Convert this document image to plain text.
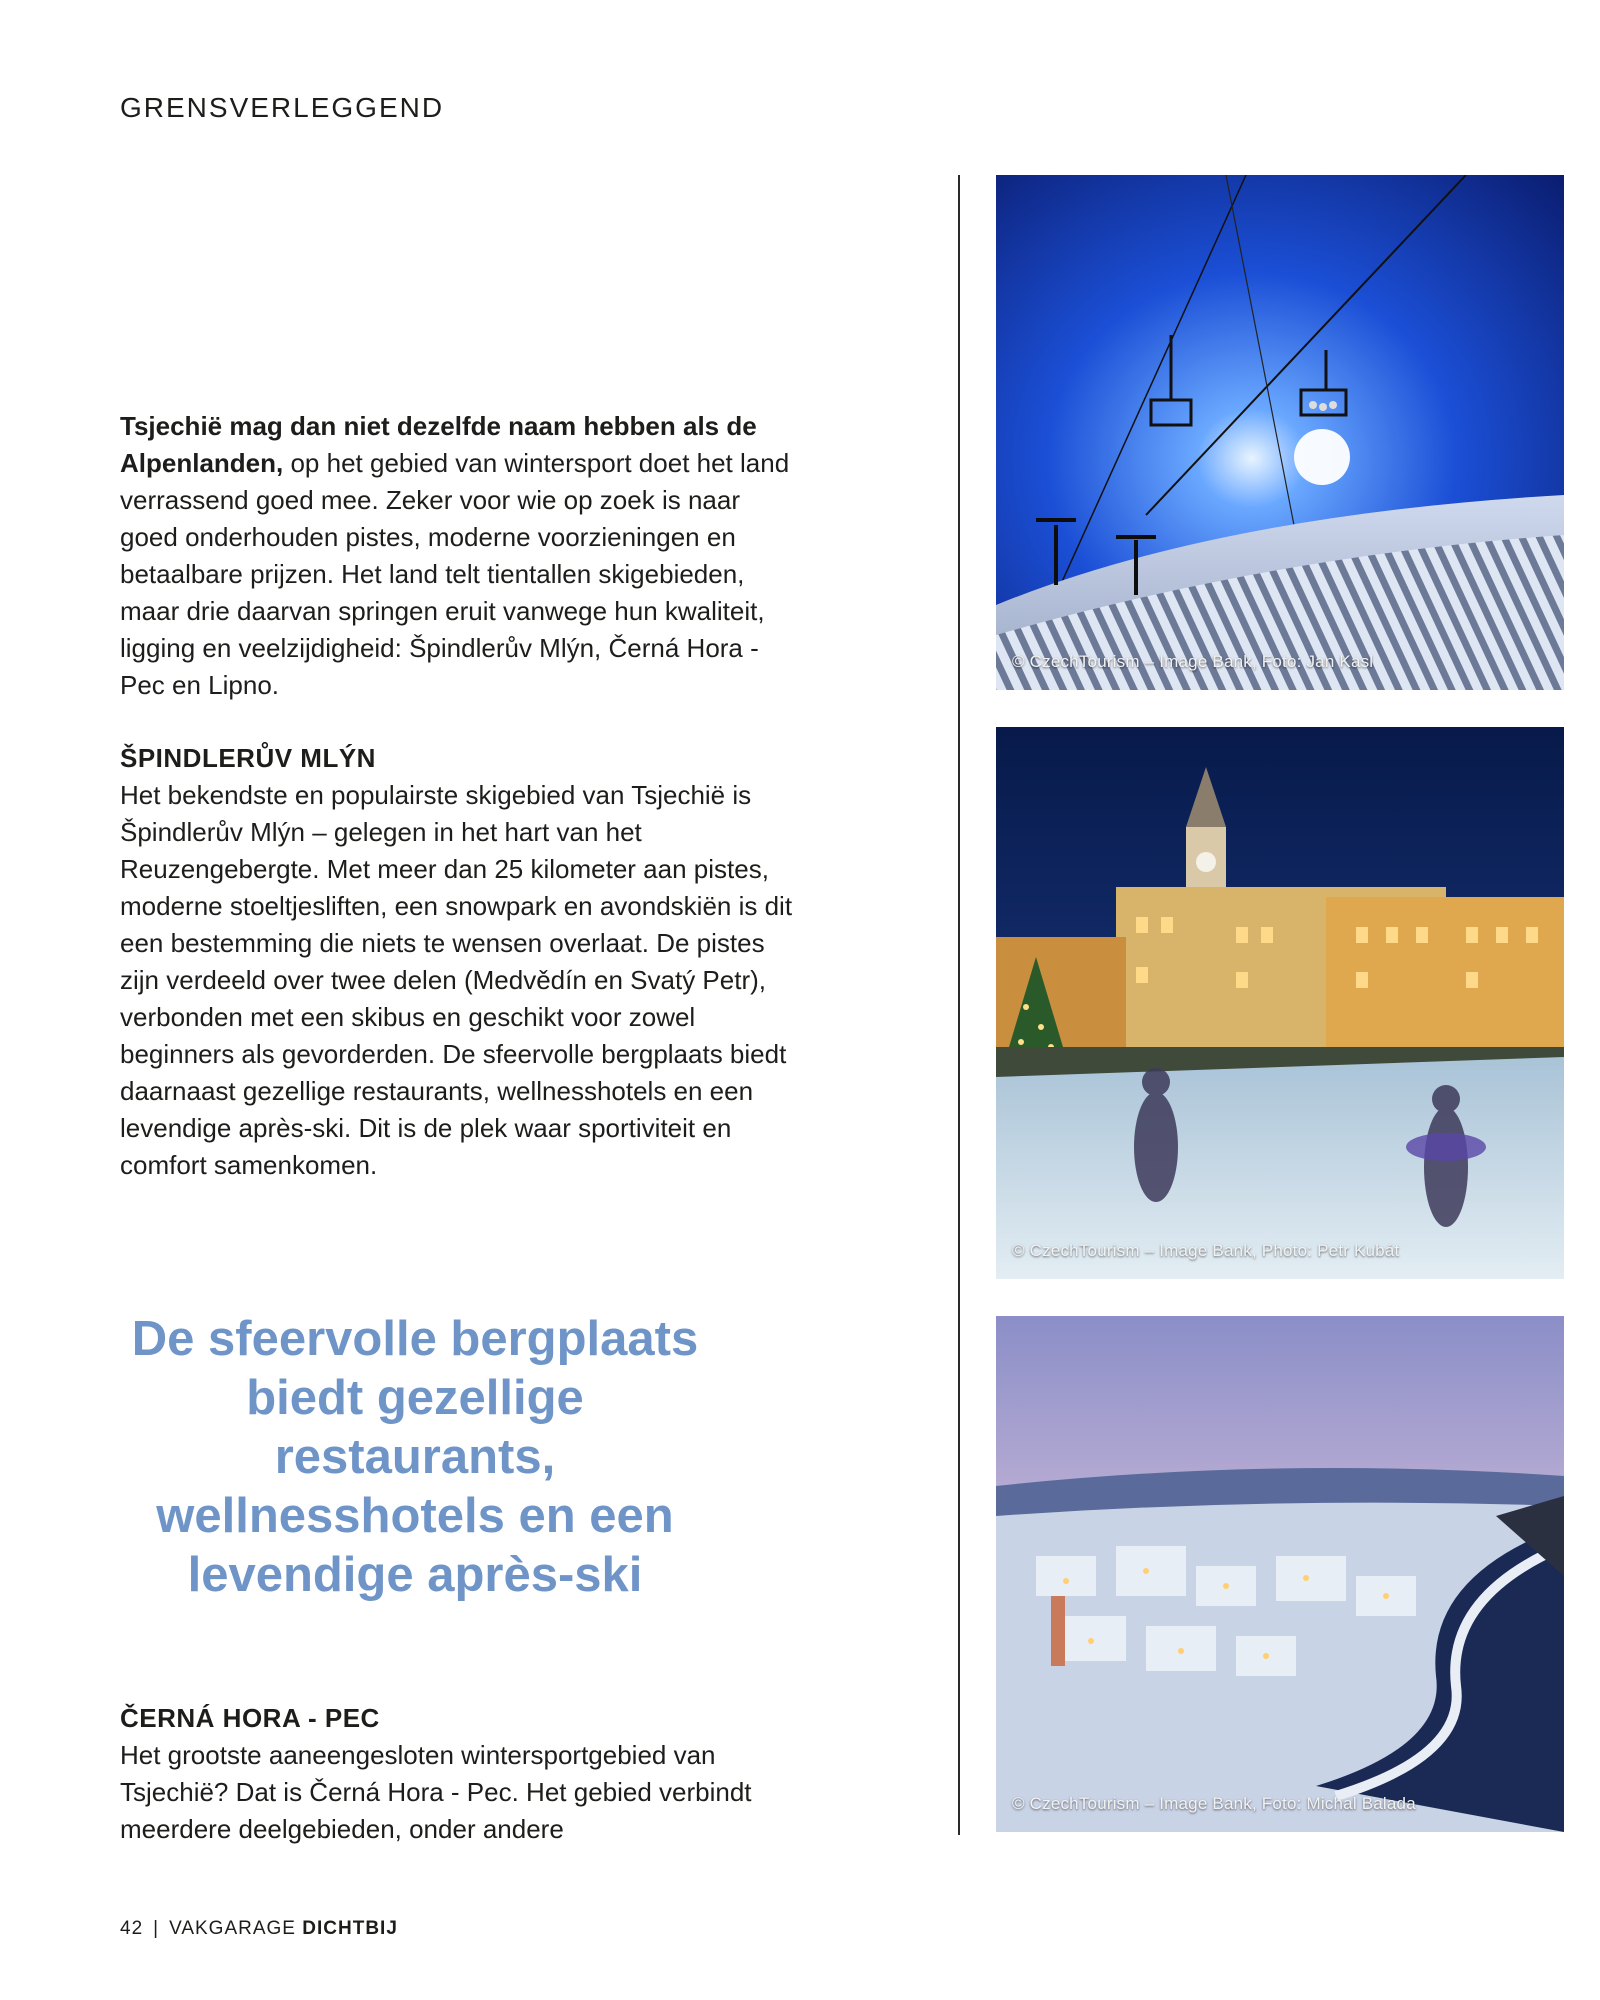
GRENSVERLEGGEND

Tsjechië mag dan niet dezelfde naam hebben als de Alpenlanden, op het gebied van wintersport doet het land verrassend goed mee. Zeker voor wie op zoek is naar goed onderhouden pistes, moderne voorzieningen en betaalbare prijzen. Het land telt tientallen skigebieden, maar drie daarvan springen eruit vanwege hun kwaliteit, ligging en veelzijdigheid: Špindlerův Mlýn, Černá Hora - Pec en Lipno.

ŠPINDLERŮV MLÝN

Het bekendste en populairste skigebied van Tsjechië is Špindlerův Mlýn – gelegen in het hart van het Reuzengebergte. Met meer dan 25 kilometer aan pistes, moderne stoeltjesliften, een snowpark en avondskiën is dit een bestemming die niets te wensen overlaat. De pistes zijn verdeeld over twee delen (Medvědín en Svatý Petr), verbonden met een skibus en geschikt voor zowel beginners als gevorderden. De sfeervolle bergplaats biedt daarnaast gezellige restaurants, wellnesshotels en een levendige après-ski. Dit is de plek waar sportiviteit en comfort samenkomen.

De sfeervolle bergplaats biedt gezellige restaurants, wellnesshotels en een levendige après-ski

ČERNÁ HORA - PEC

Het grootste aaneengesloten wintersportgebied van Tsjechië? Dat is Černá Hora - Pec. Het gebied verbindt meerdere deelgebieden, onder andere

© CzechTourism – Image Bank, Foto: Jan Kasl
© CzechTourism – Image Bank, Photo: Petr Kubát
© CzechTourism – Image Bank, Foto: Michal Balada
42 | VAKGARAGE DICHTBIJ
